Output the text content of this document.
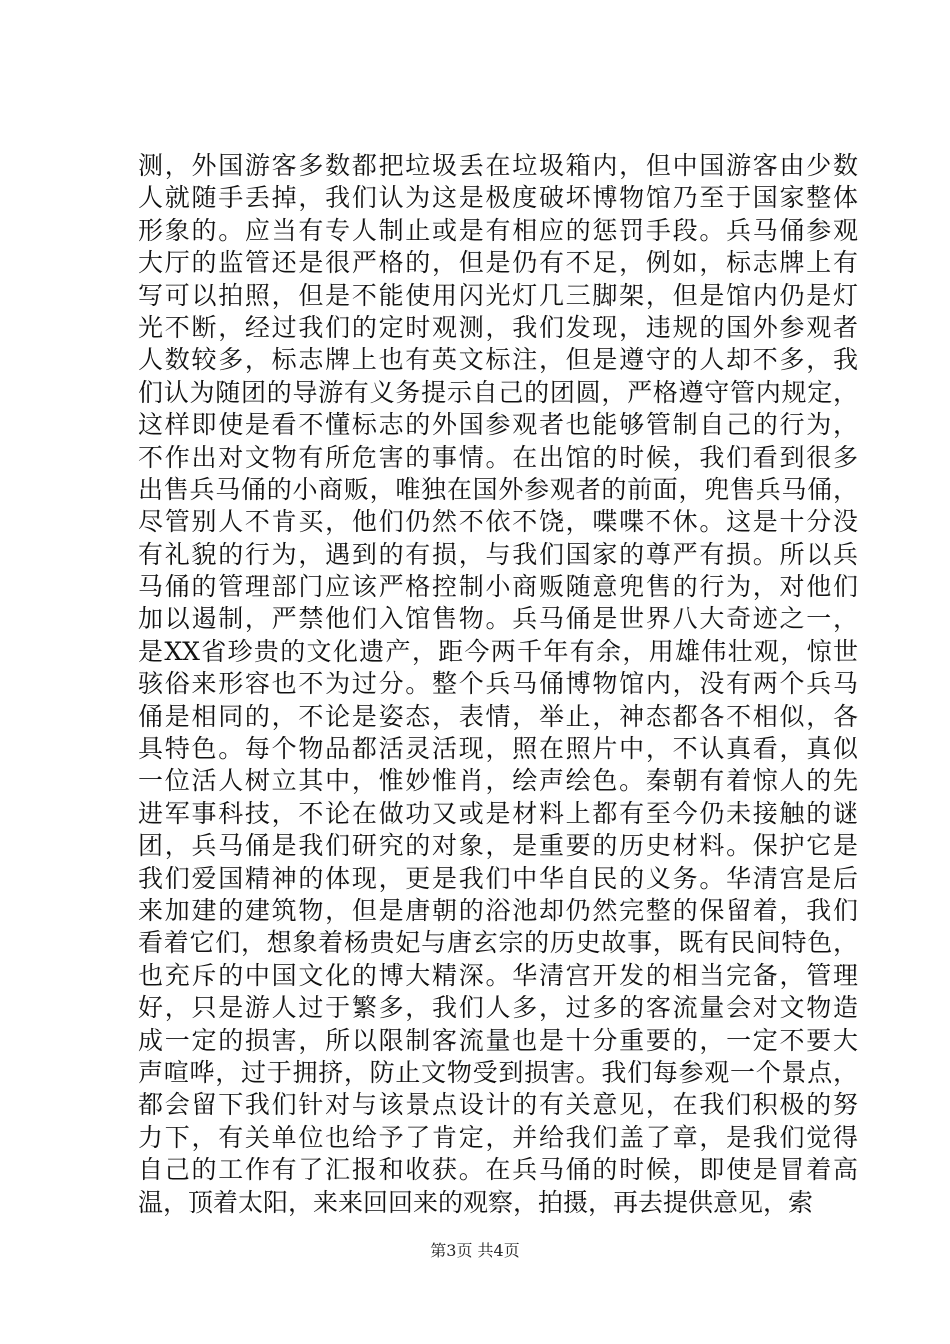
测，外国游客多数都把垃圾丢在垃圾箱内，但中国游客由少数
人就随手丢掉，我们认为这是极度破坏博物馆乃至于国家整体
形象的。应当有专人制止或是有相应的惩罚手段。兵马俑参观
大厅的监管还是很严格的，但是仍有不足，例如，标志牌上有
写可以拍照，但是不能使用闪光灯几三脚架，但是馆内仍是灯
光不断，经过我们的定时观测，我们发现，违规的国外参观者
人数较多，标志牌上也有英文标注，但是遵守的人却不多，我
们认为随团的导游有义务提示自己的团圆，严格遵守管内规定，
这样即使是看不懂标志的外国参观者也能够管制自己的行为，
不作出对文物有所危害的事情。在出馆的时候，我们看到很多
出售兵马俑的小商贩，唯独在国外参观者的前面，兜售兵马俑，
尽管别人不肯买，他们仍然不依不饶，喋喋不休。这是十分没
有礼貌的行为，遇到的有损，与我们国家的尊严有损。所以兵
马俑的管理部门应该严格控制小商贩随意兜售的行为，对他们
加以遏制，严禁他们入馆售物。兵马俑是世界八大奇迹之一，
是XX省珍贵的文化遗产，距今两千年有余，用雄伟壮观，惊世
骇俗来形容也不为过分。整个兵马俑博物馆内，没有两个兵马
俑是相同的，不论是姿态，表情，举止，神态都各不相似，各
具特色。每个物品都活灵活现，照在照片中，不认真看，真似
一位活人树立其中，惟妙惟肖，绘声绘色。秦朝有着惊人的先
进军事科技，不论在做功又或是材料上都有至今仍未接触的谜
团，兵马俑是我们研究的对象，是重要的历史材料。保护它是
我们爱国精神的体现，更是我们中华自民的义务。华清宫是后
来加建的建筑物，但是唐朝的浴池却仍然完整的保留着，我们
看着它们，想象着杨贵妃与唐玄宗的历史故事，既有民间特色，
也充斥的中国文化的博大精深。华清宫开发的相当完备，管理
好，只是游人过于繁多，我们人多，过多的客流量会对文物造
成一定的损害，所以限制客流量也是十分重要的，一定不要大
声喧哗，过于拥挤，防止文物受到损害。我们每参观一个景点，
都会留下我们针对与该景点设计的有关意见，在我们积极的努
力下，有关单位也给予了肯定，并给我们盖了章，是我们觉得
自己的工作有了汇报和收获。在兵马俑的时候，即使是冒着高
温，顶着太阳，来来回回来的观察，拍摄，再去提供意见，索
第3页 共4页
